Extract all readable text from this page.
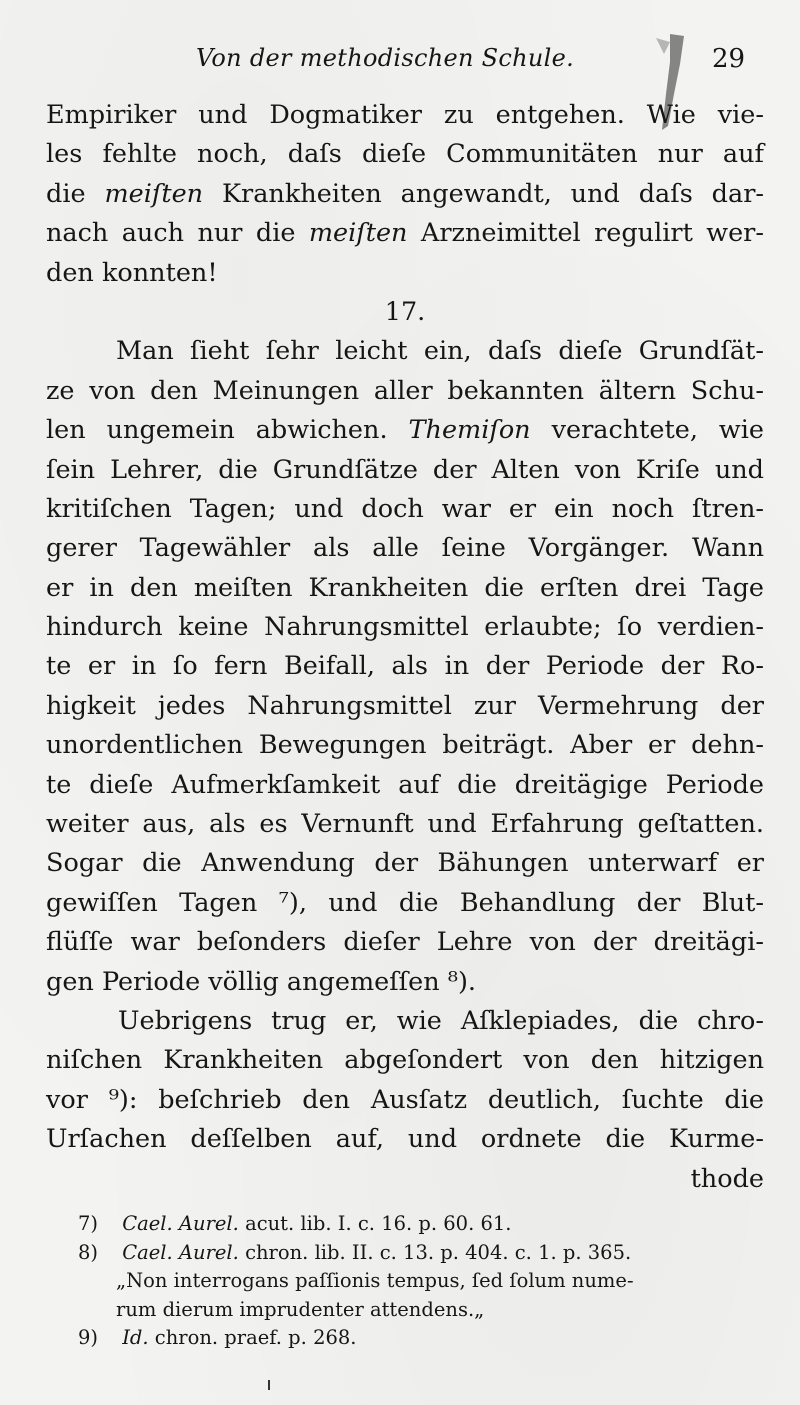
Von der methodischen Schule.	29
Empiriker und Dogmatiker zu entgehen. Wie vie-
les fehlte noch, daſs dieſe Communitäten nur auf
die meiſten Krankheiten angewandt, und daſs dar-
nach auch nur die meiſten Arzneimittel regulirt wer-
den konnten!
17.
Man ſieht ſehr leicht ein, daſs dieſe Grundſät-
ze von den Meinungen aller bekannten ältern Schu-
len ungemein abwichen. Themiſon verachtete, wie
ſein Lehrer, die Grundſätze der Alten von Kriſe und
kritiſchen Tagen; und doch war er ein noch ſtren-
gerer Tagewähler als alle ſeine Vorgänger. Wann
er in den meiſten Krankheiten die erſten drei Tage
hindurch keine Nahrungsmittel erlaubte; ſo verdien-
te er in ſo fern Beifall, als in der Periode der Ro-
higkeit jedes Nahrungsmittel zur Vermehrung der
unordentlichen Bewegungen beiträgt. Aber er dehn-
te dieſe Aufmerkſamkeit auf die dreitägige Periode
weiter aus, als es Vernunft und Erfahrung geſtatten.
Sogar die Anwendung der Bähungen unterwarf er
gewiſſen Tagen ⁷), und die Behandlung der Blut-
flüſſe war beſonders dieſer Lehre von der dreitägi-
gen Periode völlig angemeſſen ⁸).
Uebrigens trug er, wie Aſklepiades, die chro-
niſchen Krankheiten abgeſondert von den hitzigen
vor ⁹): beſchrieb den Ausſatz deutlich, ſuchte die
Urſachen deſſelben auf, und ordnete die Kurme-
thode
7) Cael. Aurel. acut. lib. I. c. 16. p. 60. 61.
8) Cael. Aurel. chron. lib. II. c. 13. p. 404. c. 1. p. 365.
„Non interrogans paſſionis tempus, ſed ſolum nume-
rum dierum imprudenter attendens.„
9) Id. chron. praef. p. 268.
